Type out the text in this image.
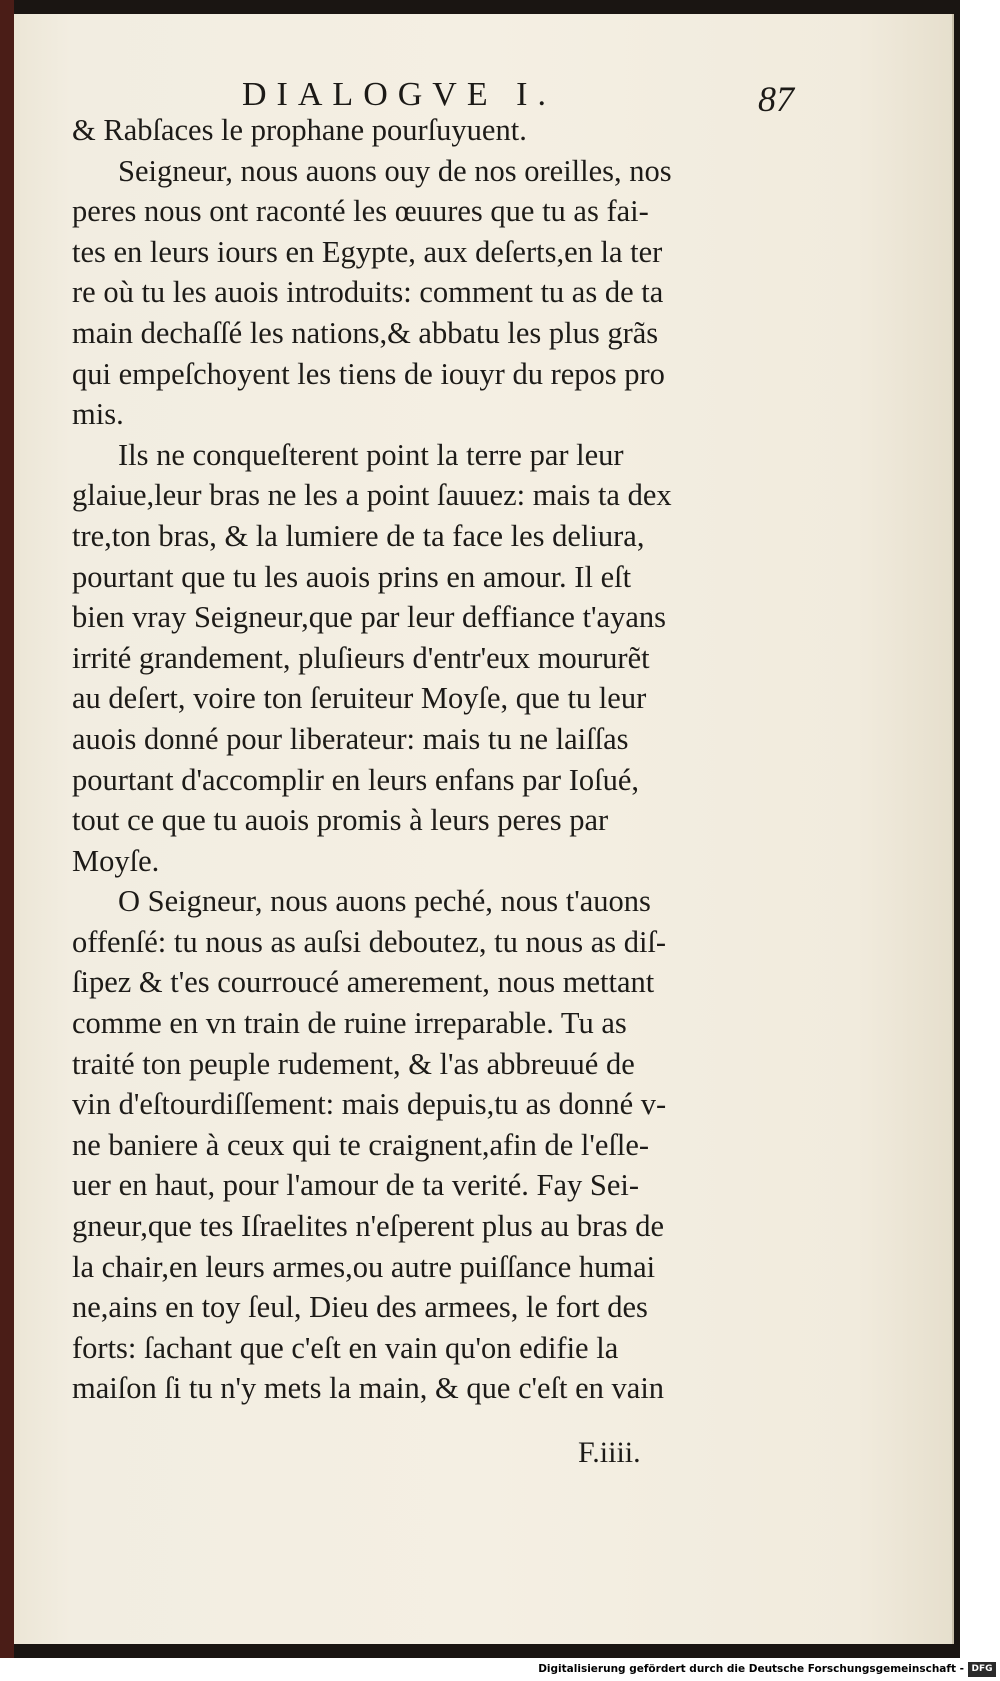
DIALOGVE I.	87
& Rabſaces le prophane pourſuyuent.
Seigneur, nous auons ouy de nos oreilles, nos
peres nous ont raconté les œuures que tu as fai-
tes en leurs iours en Egypte, aux deſerts,en la ter
re où tu les auois introduits: comment tu as de ta
main dechaſſé les nations,& abbatu les plus grãs
qui empeſchoyent les tiens de iouyr du repos pro
mis.
Ils ne conqueſterent point la terre par leur
glaiue,leur bras ne les a point ſauuez: mais ta dex
tre,ton bras, & la lumiere de ta face les deliura,
pourtant que tu les auois prins en amour. Il eſt
bien vray Seigneur,que par leur deffiance t'ayans
irrité grandement, pluſieurs d'entr'eux moururẽt
au deſert, voire ton ſeruiteur Moyſe, que tu leur
auois donné pour liberateur: mais tu ne laiſſas
pourtant d'accomplir en leurs enfans par Ioſué,
tout ce que tu auois promis à leurs peres par
Moyſe.
O Seigneur, nous auons peché, nous t'auons
offenſé: tu nous as auſsi deboutez, tu nous as diſ-
ſipez & t'es courroucé amerement, nous mettant
comme en vn train de ruine irreparable. Tu as
traité ton peuple rudement, & l'as abbreuué de
vin d'eſtourdiſſement: mais depuis,tu as donné v-
ne baniere à ceux qui te craignent,afin de l'eſle-
uer en haut, pour l'amour de ta verité. Fay Sei-
gneur,que tes Iſraelites n'eſperent plus au bras de
la chair,en leurs armes,ou autre puiſſance humai
ne,ains en toy ſeul, Dieu des armees, le fort des
forts: ſachant que c'eſt en vain qu'on edifie la
maiſon ſi tu n'y mets la main, & que c'eſt en vain
F.iiii.
Digitalisierung gefördert durch die Deutsche Forschungsgemeinschaft - DFG
